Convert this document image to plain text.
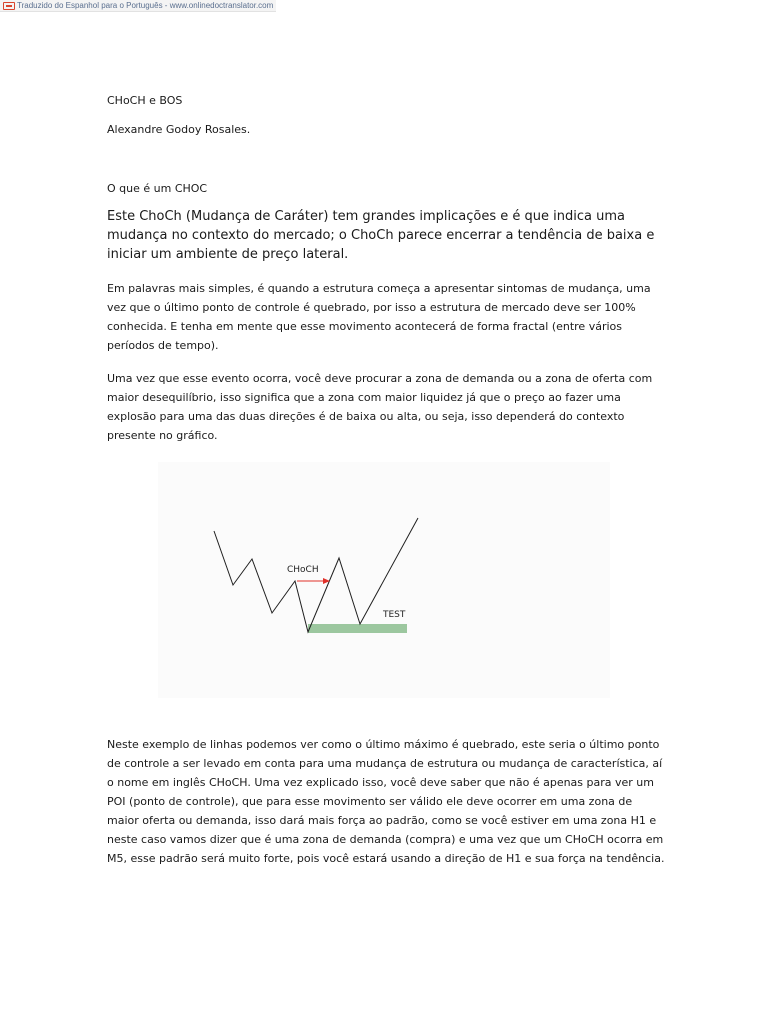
Traduzido do Espanhol para o Português - www.onlinedoctranslator.com

CHoCH e BOS

Alexandre Godoy Rosales.

O que é um CHOC

Este ChoCh (Mudança de Caráter) tem grandes implicações e é que indica uma mudança no contexto do mercado; o ChoCh parece encerrar a tendência de baixa e iniciar um ambiente de preço lateral.

Em palavras mais simples, é quando a estrutura começa a apresentar sintomas de mudança, uma vez que o último ponto de controle é quebrado, por isso a estrutura de mercado deve ser 100% conhecida. E tenha em mente que esse movimento acontecerá de forma fractal (entre vários períodos de tempo).

Uma vez que esse evento ocorra, você deve procurar a zona de demanda ou a zona de oferta com maior desequilíbrio, isso significa que a zona com maior liquidez já que o preço ao fazer uma explosão para uma das duas direções é de baixa ou alta, ou seja, isso dependerá do contexto presente no gráfico.

Neste exemplo de linhas podemos ver como o último máximo é quebrado, este seria o último ponto de controle a ser levado em conta para uma mudança de estrutura ou mudança de característica, aí o nome em inglês CHoCH. Uma vez explicado isso, você deve saber que não é apenas para ver um POI (ponto de controle), que para esse movimento ser válido ele deve ocorrer em uma zona de maior oferta ou demanda, isso dará mais força ao padrão, como se você estiver em uma zona H1 e neste caso vamos dizer que é uma zona de demanda (compra) e uma vez que um CHoCH ocorra em M5, esse padrão será muito forte, pois você estará usando a direção de H1 e sua força na tendência.

CHoCH
TEST
